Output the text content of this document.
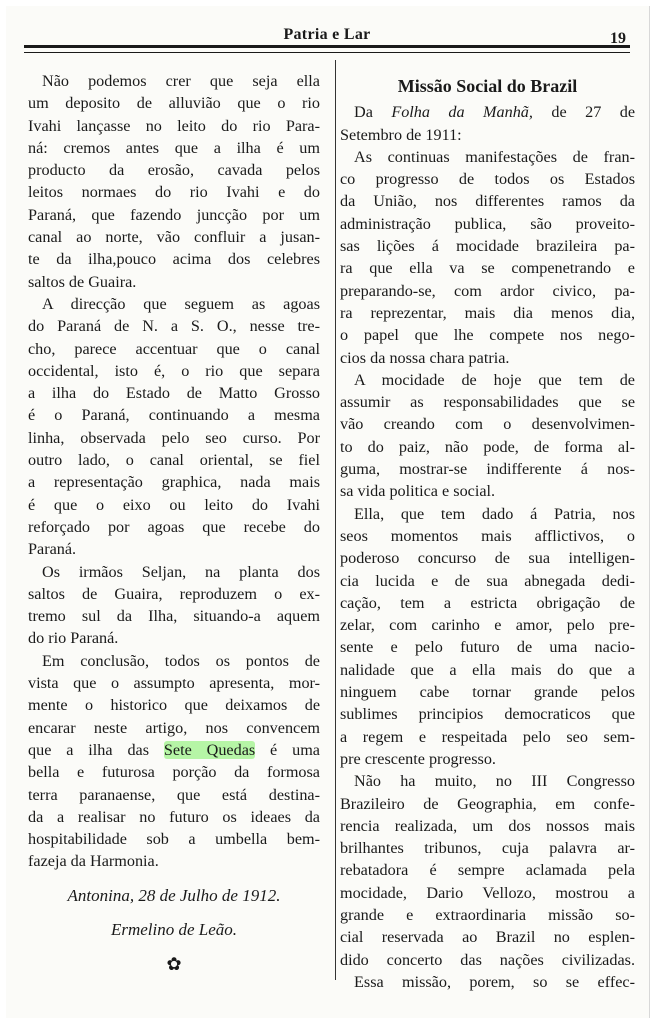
Patria e Lar	19
Não podemos crer que seja ella
um deposito de alluvião que o rio
Ivahi lançasse no leito do rio Para-
ná: cremos antes que a ilha é um
producto da erosão, cavada pelos
leitos normaes do rio Ivahi e do
Paraná, que fazendo juncção por um
canal ao norte, vão confluir a jusan-
te da ilha,pouco acima dos celebres
saltos de Guaira.
A direcção que seguem as agoas
do Paraná de N. a S. O., nesse tre-
cho, parece accentuar que o canal
occidental, isto é, o rio que separa
a ilha do Estado de Matto Grosso
é o Paraná, continuando a mesma
linha, observada pelo seo curso. Por
outro lado, o canal oriental, se fiel
a representação graphica, nada mais
é que o eixo ou leito do Ivahi
reforçado por agoas que recebe do
Paraná.
Os irmãos Seljan, na planta dos
saltos de Guaira, reproduzem o ex-
tremo sul da Ilha, situando-a aquem
do rio Paraná.
Em conclusão, todos os pontos de
vista que o assumpto apresenta, mor-
mente o historico que deixamos de
encarar neste artigo, nos convencem
que a ilha das Sete Quedas é uma
bella e futurosa porção da formosa
terra paranaense, que está destina-
da a realisar no futuro os ideaes da
hospitabilidade sob a umbella bem-
fazeja da Harmonia.
Antonina, 28 de Julho de 1912.
Ermelino de Leão.
✿
Missão Social do Brazil
Da Folha da Manhã, de 27 de
Setembro de 1911:
As continuas manifestações de fran-
co progresso de todos os Estados
da União, nos differentes ramos da
administração publica, são proveito-
sas lições á mocidade brazileira pa-
ra que ella va se compenetrando e
preparando-se, com ardor civico, pa-
ra reprezentar, mais dia menos dia,
o papel que lhe compete nos nego-
cios da nossa chara patria.
A mocidade de hoje que tem de
assumir as responsabilidades que se
vão creando com o desenvolvimen-
to do paiz, não pode, de forma al-
guma, mostrar-se indifferente á nos-
sa vida politica e social.
Ella, que tem dado á Patria, nos
seos momentos mais afflictivos, o
poderoso concurso de sua intelligen-
cia lucida e de sua abnegada dedi-
cação, tem a estricta obrigação de
zelar, com carinho e amor, pelo pre-
sente e pelo futuro de uma nacio-
nalidade que a ella mais do que a
ninguem cabe tornar grande pelos
sublimes principios democraticos que
a regem e respeitada pelo seo sem-
pre crescente progresso.
Não ha muito, no III Congresso
Brazileiro de Geographia, em confe-
rencia realizada, um dos nossos mais
brilhantes tribunos, cuja palavra ar-
rebatadora é sempre aclamada pela
mocidade, Dario Vellozo, mostrou a
grande e extraordinaria missão so-
cial reservada ao Brazil no esplen-
dido concerto das nações civilizadas.
Essa missão, porem, so se effec-
